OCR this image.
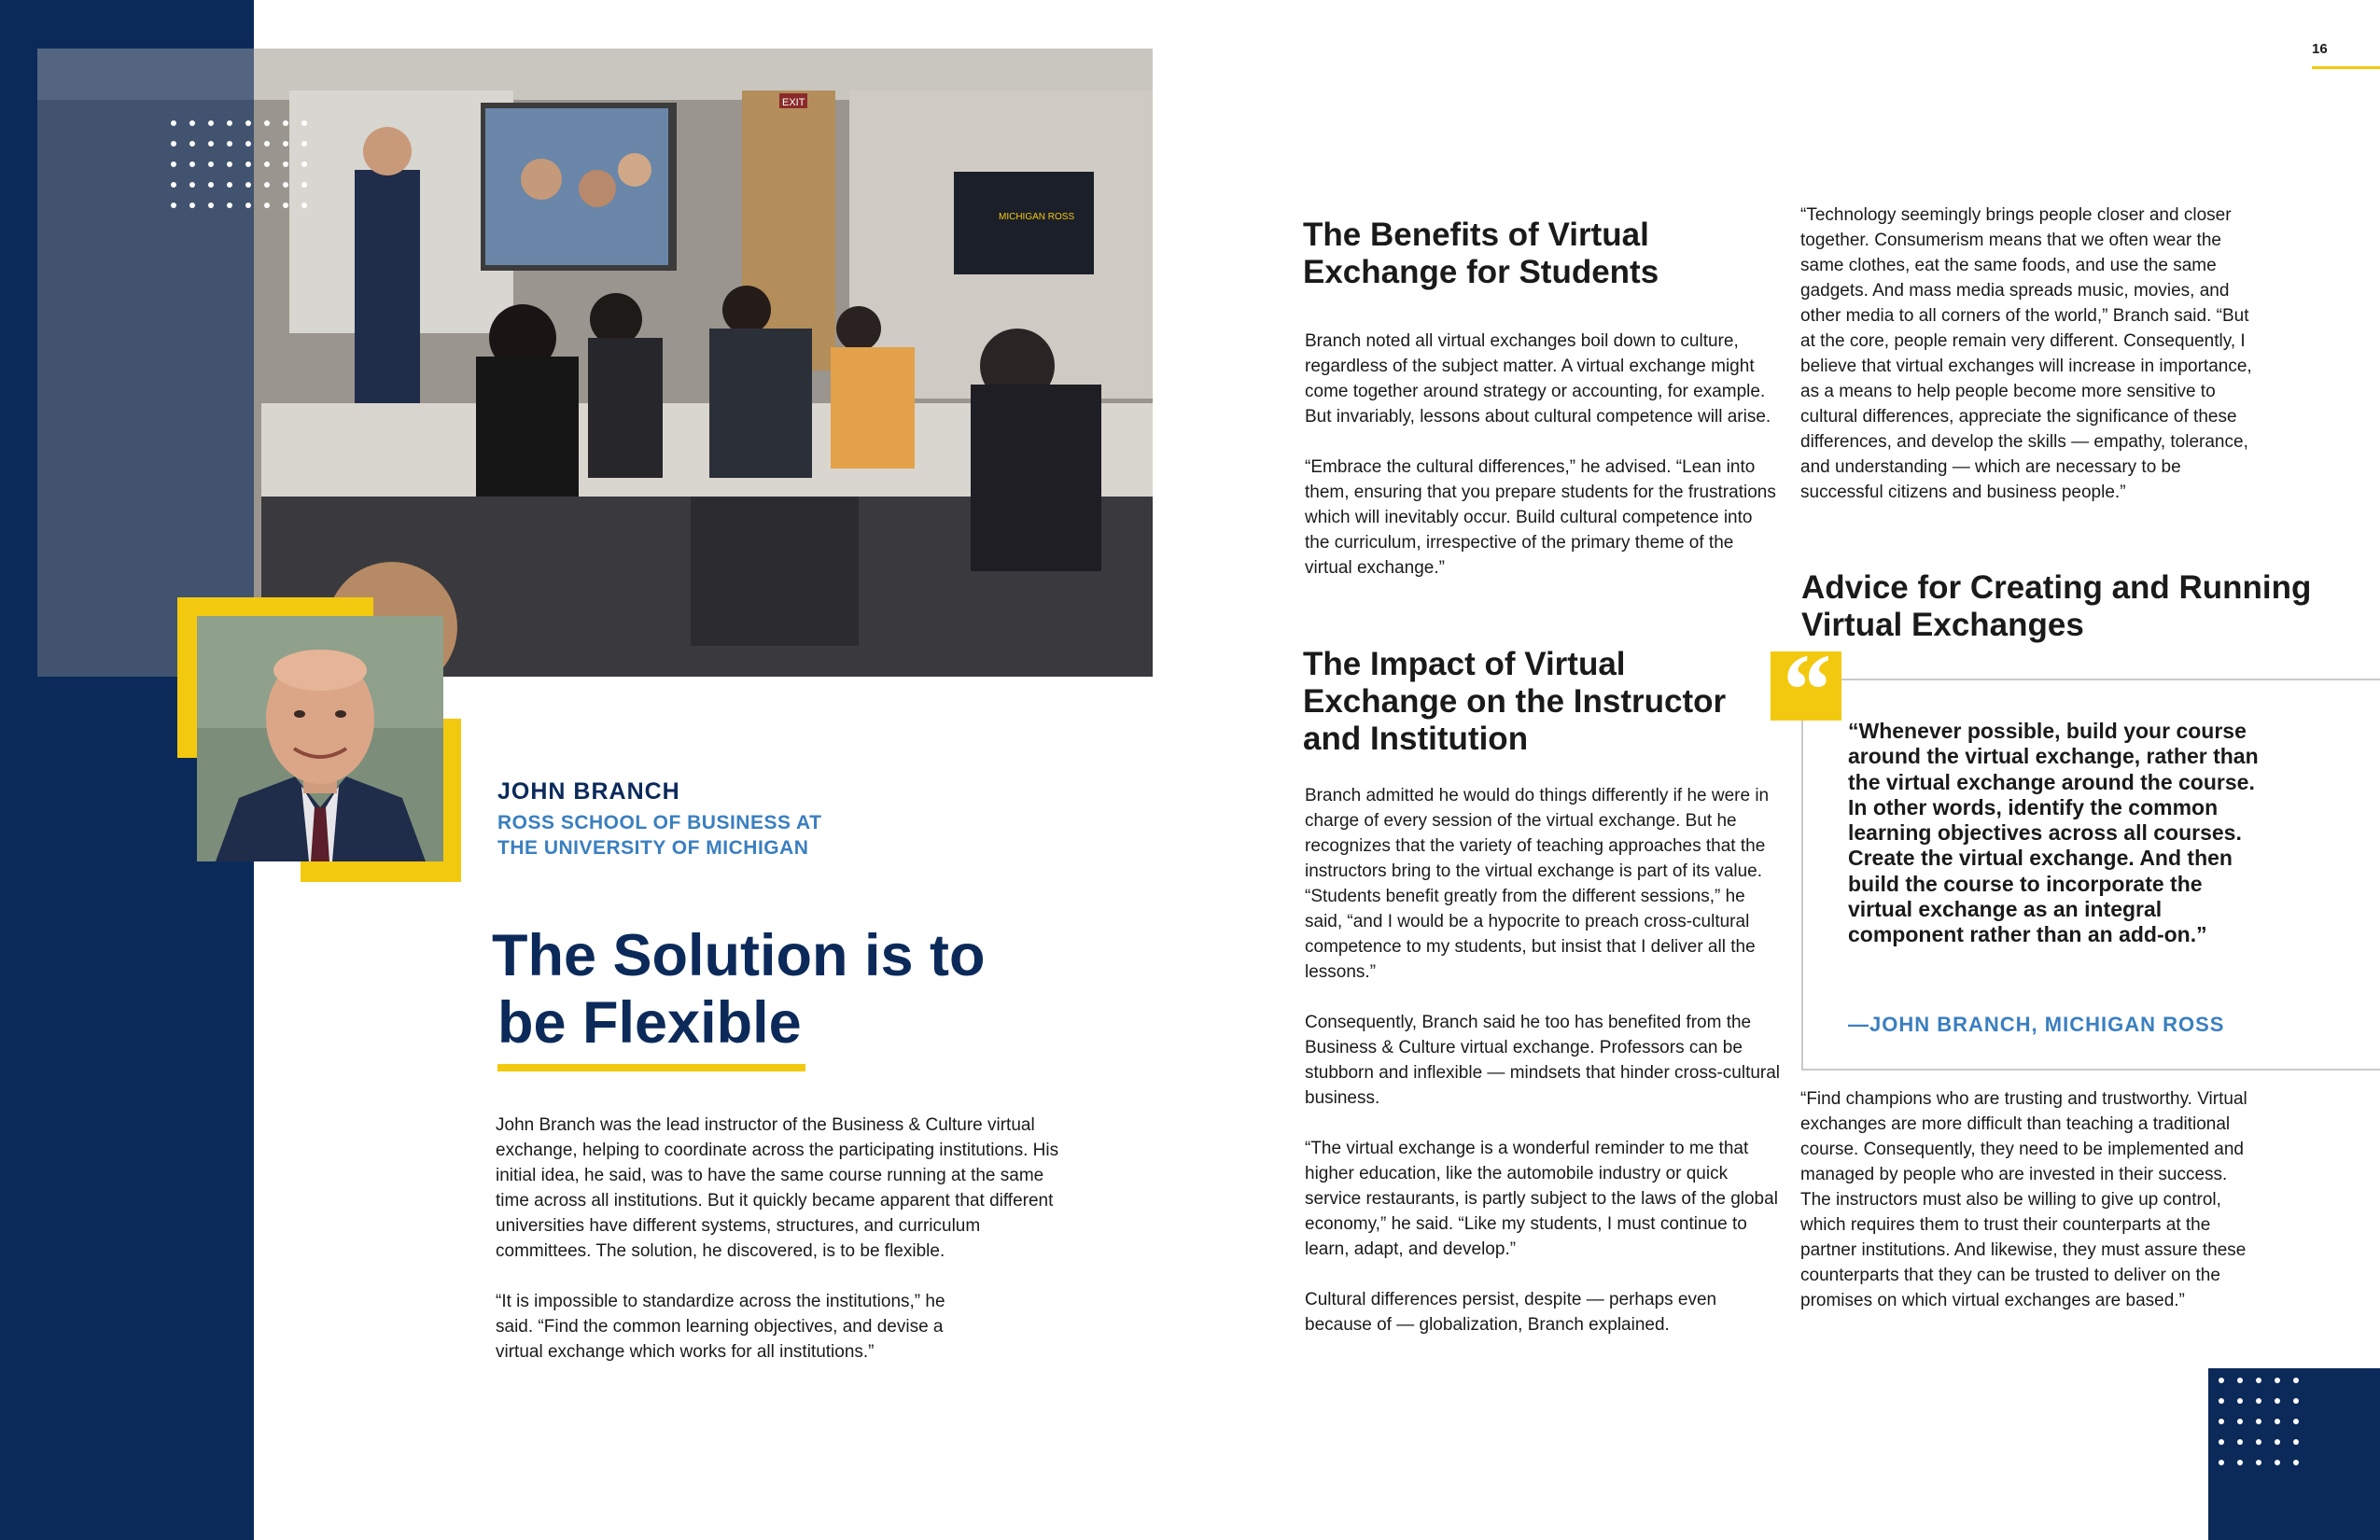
MICHIGAN ROSS
EXIT
JOHN BRANCH
ROSS SCHOOL OF BUSINESS AT
THE UNIVERSITY OF MICHIGAN
The Solution is to
be Flexible

John Branch was the lead instructor of the Business & Culture virtual exchange, helping to coordinate across the participating institutions. His initial idea, he said, was to have the same course running at the same time across all institutions. But it quickly became apparent that different universities have different systems, structures, and curriculum committees. The solution, he discovered, is to be flexible.

“It is impossible to standardize across the institutions,” he said. “Find the common learning objectives, and devise a virtual exchange which works for all institutions.”

The Benefits of Virtual Exchange for Students

Branch noted all virtual exchanges boil down to culture, regardless of the subject matter. A virtual exchange might come together around strategy or accounting, for example. But invariably, lessons about cultural competence will arise.

“Embrace the cultural differences,” he advised. “Lean into them, ensuring that you prepare students for the frustrations which will inevitably occur. Build cultural competence into the curriculum, irrespective of the primary theme of the virtual exchange.”

The Impact of Virtual Exchange on the Instructor and Institution

Branch admitted he would do things differently if he were in charge of every session of the virtual exchange. But he recognizes that the variety of teaching approaches that the instructors bring to the virtual exchange is part of its value. “Students benefit greatly from the different sessions,” he said, “and I would be a hypocrite to preach cross-cultural competence to my students, but insist that I deliver all the lessons.”

Consequently, Branch said he too has benefited from the Business & Culture virtual exchange. Professors can be stubborn and inflexible — mindsets that hinder cross-cultural business.

“The virtual exchange is a wonderful reminder to me that higher education, like the automobile industry or quick service restaurants, is partly subject to the laws of the global economy,” he said. “Like my students, I must continue to learn, adapt, and develop.”

Cultural differences persist, despite — perhaps even because of — globalization, Branch explained.

16

“Technology seemingly brings people closer and closer together. Consumerism means that we often wear the same clothes, eat the same foods, and use the same gadgets. And mass media spreads music, movies, and other media to all corners of the world,” Branch said. “But at the core, people remain very different. Consequently, I believe that virtual exchanges will increase in importance, as a means to help people become more sensitive to cultural differences, appreciate the significance of these differences, and develop the skills — empathy, tolerance, and understanding — which are necessary to be successful citizens and business people.”

Advice for Creating and Running Virtual Exchanges
“ “Whenever possible, build your course around the virtual exchange, rather than the virtual exchange around the course. In other words, identify the common learning objectives across all courses. Create the virtual exchange. And then build the course to incorporate the virtual exchange as an integral component rather than an add-on.”
—JOHN BRANCH, MICHIGAN ROSS

“Find champions who are trusting and trustworthy. Virtual exchanges are more difficult than teaching a traditional course. Consequently, they need to be implemented and managed by people who are invested in their success. The instructors must also be willing to give up control, which requires them to trust their counterparts at the partner institutions. And likewise, they must assure these counterparts that they can be trusted to deliver on the promises on which virtual exchanges are based.”
